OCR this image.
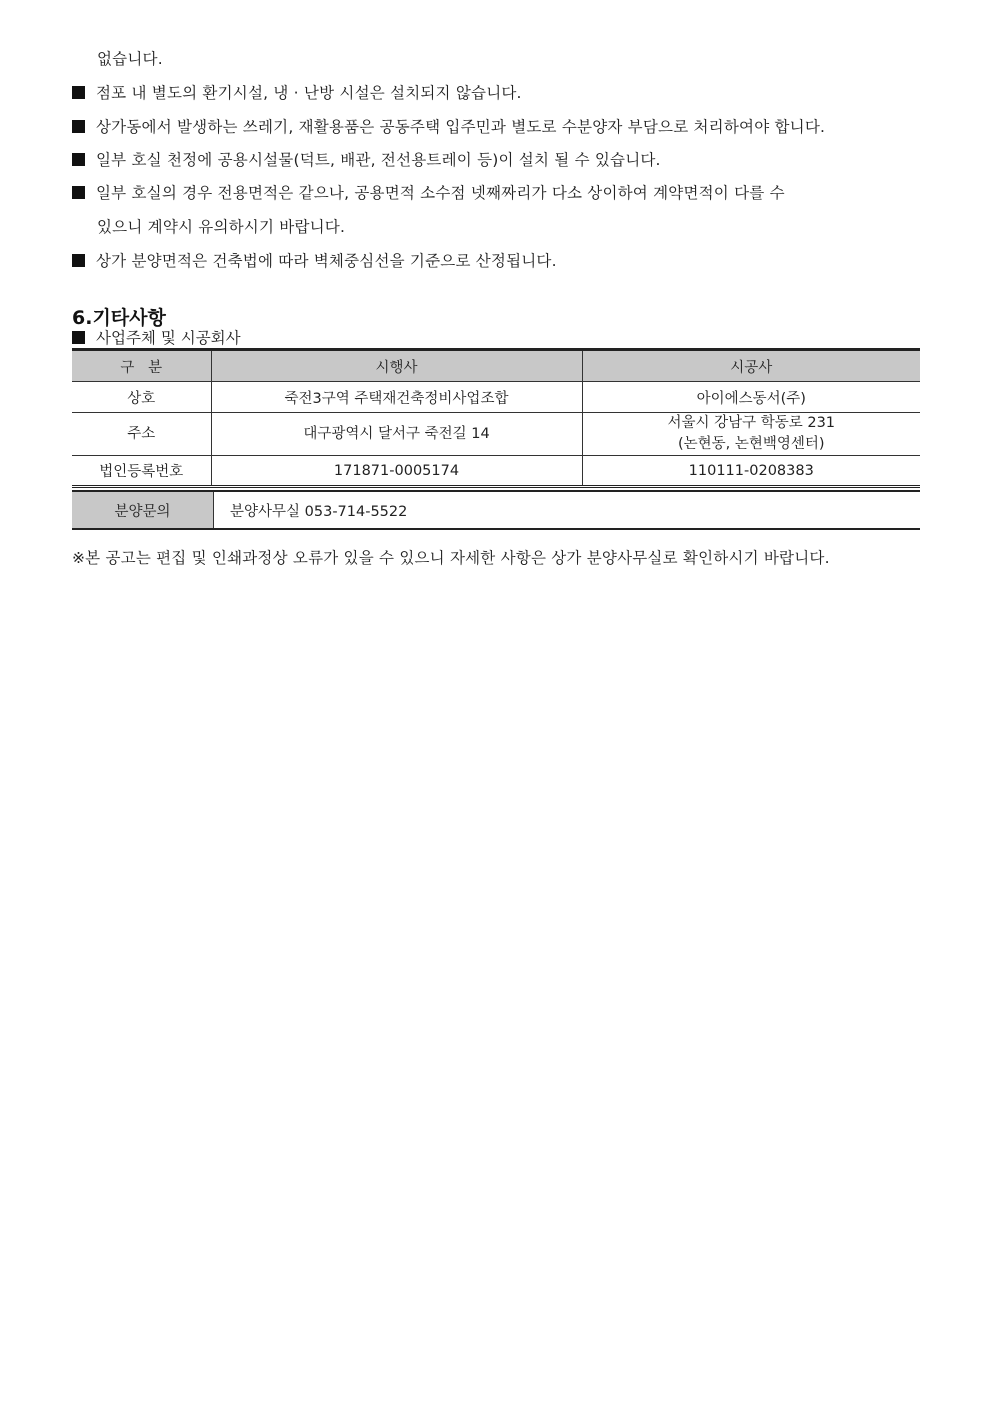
없습니다.
점포 내 별도의 환기시설, 냉 · 난방 시설은 설치되지 않습니다.
상가동에서 발생하는 쓰레기, 재활용품은 공동주택 입주민과 별도로 수분양자 부담으로 처리하여야 합니다.
일부 호실 천정에 공용시설물(덕트, 배관, 전선용트레이 등)이 설치 될 수 있습니다.
일부 호실의 경우 전용면적은 같으나, 공용면적 소수점 넷째짜리가 다소 상이하여 계약면적이 다를 수
있으니 계약시 유의하시기 바랍니다.
상가 분양면적은 건축법에 따라 벽체중심선을 기준으로 산정됩니다.
6.기타사항
사업주체 및 시공회사
구   분	시행사	시공사
상호	죽전3구역 주택재건축정비사업조합	아이에스동서(주)
주소	대구광역시 달서구 죽전길 14	서울시 강남구 학동로 231
(논현동, 논현백영센터)

법인등록번호	171871-0005174	110111-0208383
분양문의	분양사무실 053-714-5522
※본 공고는 편집 및 인쇄과정상 오류가 있을 수 있으니 자세한 사항은 상가 분양사무실로 확인하시기 바랍니다.
